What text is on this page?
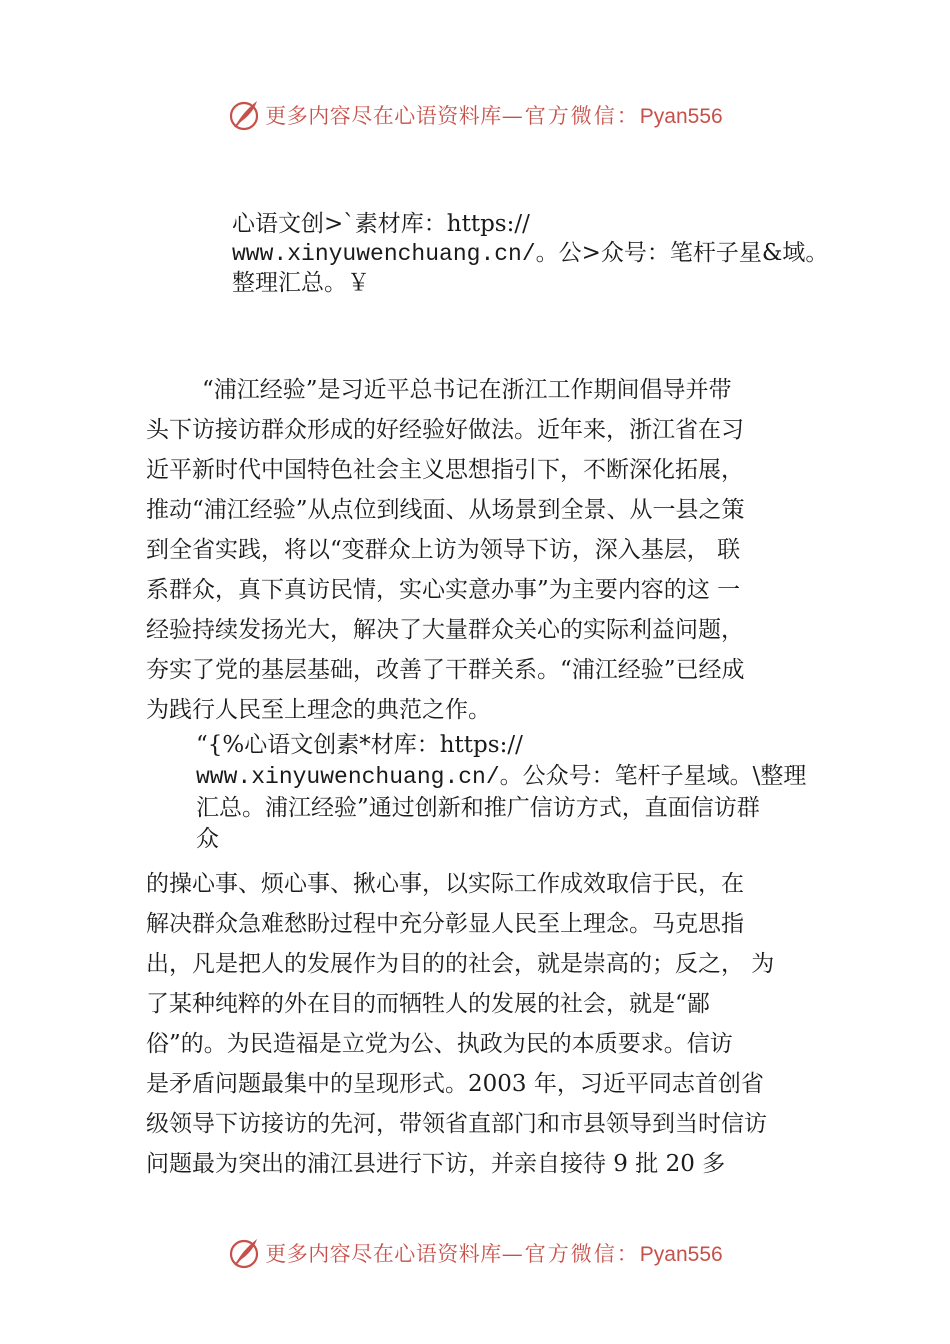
更多内容尽在心语资料库—官方微信：Pyan556
心语文创>`素材库：https://
www.xinyuwenchuang.cn/。公>众号：笔杆子星&域。
整理汇总。￥
“浦江经验”是习近平总书记在浙江工作期间倡导并带
头下访接访群众形成的好经验好做法。近年来，浙江省在习
近平新时代中国特色社会主义思想指引下，不断深化拓展，
推动“浦江经验”从点位到线面、从场景到全景、从一县之策
到全省实践，将以“变群众上访为领导下访，深入基层， 联
系群众，真下真访民情，实心实意办事”为主要内容的这 一
经验持续发扬光大，解决了大量群众关心的实际利益问题，
夯实了党的基层基础，改善了干群关系。“浦江经验”已经成
为践行人民至上理念的典范之作。
“{%心语文创素*材库：https://
www.xinyuwenchuang.cn/。公众号：笔杆子星域。\整理
汇总。浦江经验”通过创新和推广信访方式，直面信访群
众
的操心事、烦心事、揪心事，以实际工作成效取信于民，在
解决群众急难愁盼过程中充分彰显人民至上理念。马克思指
出，凡是把人的发展作为目的的社会，就是崇高的；反之， 为
了某种纯粹的外在目的而牺牲人的发展的社会，就是“鄙
俗”的。为民造福是立党为公、执政为民的本质要求。信访
是矛盾问题最集中的呈现形式。2003 年，习近平同志首创省
级领导下访接访的先河，带领省直部门和市县领导到当时信访
问题最为突出的浦江县进行下访，并亲自接待 9 批 20 多
更多内容尽在心语资料库—官方微信：Pyan556
